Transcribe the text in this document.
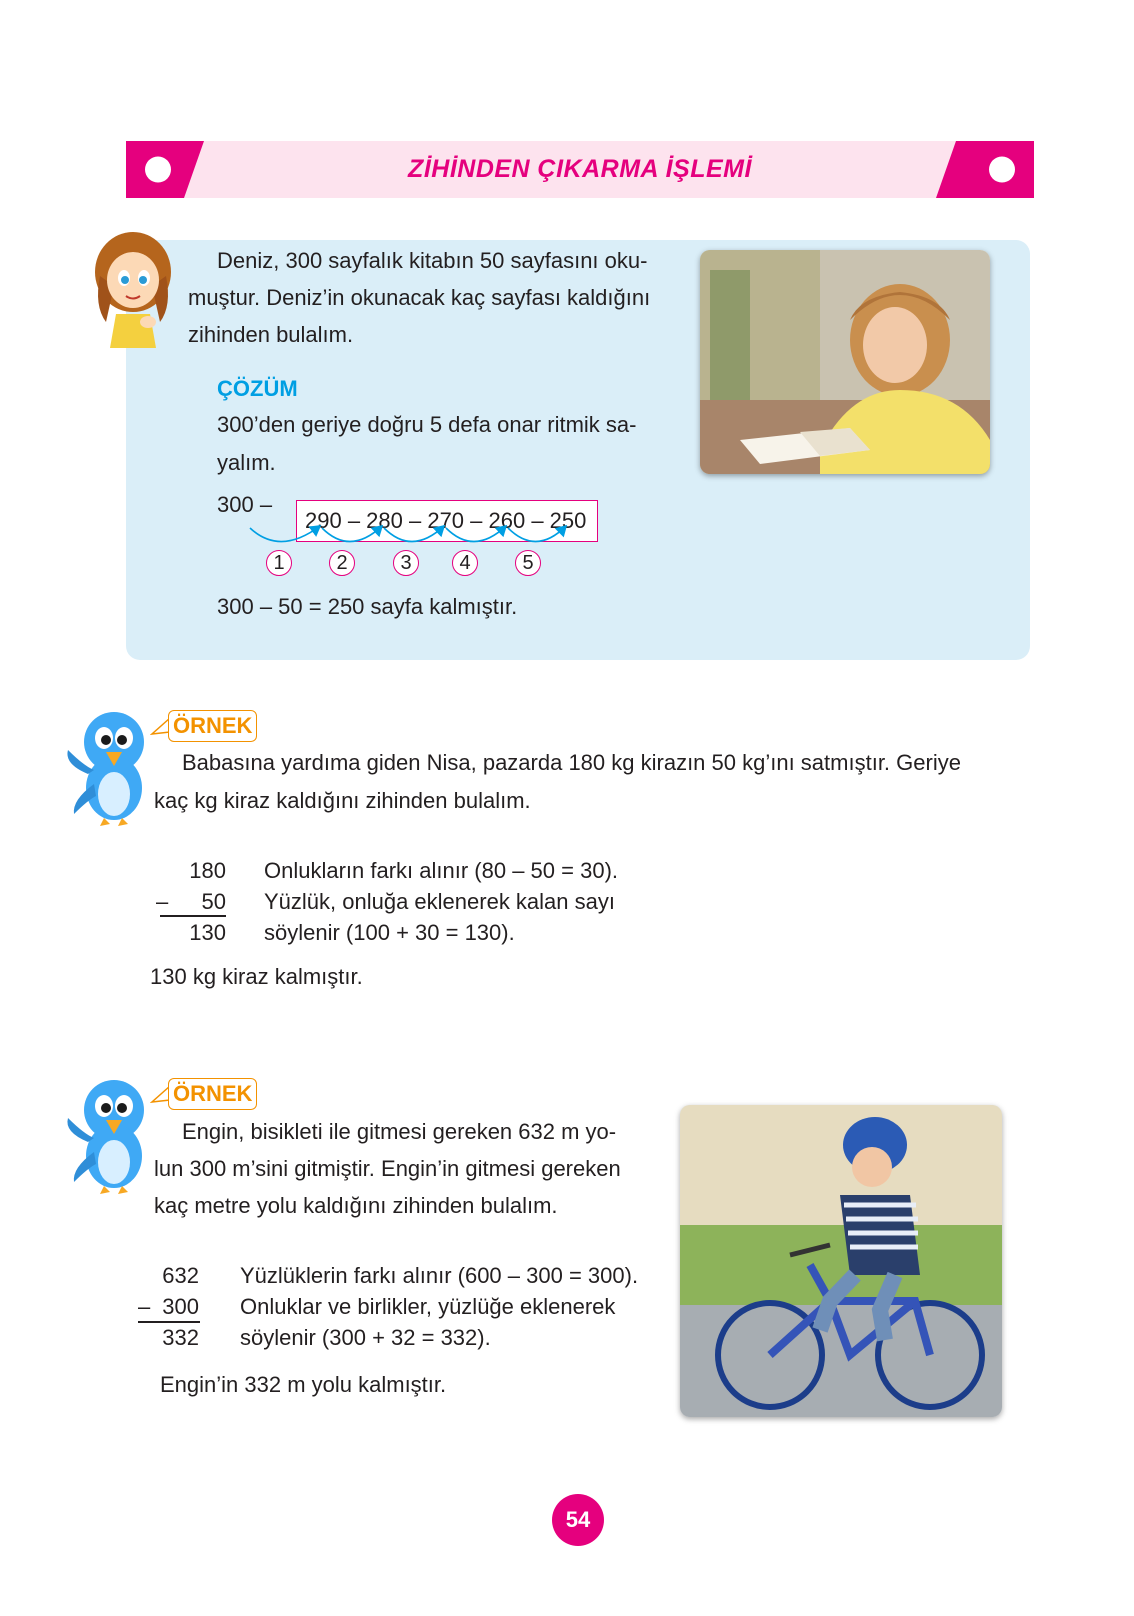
ZİHİNDEN ÇIKARMA İŞLEMİ
Deniz, 300 sayfalık kitabın 50 sayfasını oku-
muştur. Deniz’in okunacak kaç sayfası kaldığını
zihinden bulalım.
ÇÖZÜM
300’den geriye doğru 5 defa onar ritmik sa-
yalım.
300 –
290 – 280 – 270 – 260 – 250
1	2	3	4	5
300 – 50 = 250 sayfa kalmıştır.
ÖRNEK
Babasına yardıma giden Nisa, pazarda 180 kg kirazın 50 kg’ını satmıştır. Geriye
kaç kg kiraz kaldığını zihinden bulalım.
180
–	50
130
Onlukların farkı alınır (80 – 50 = 30).
Yüzlük, onluğa eklenerek kalan sayı
söylenir (100 + 30 = 130).
130 kg kiraz kalmıştır.
ÖRNEK
Engin, bisikleti ile gitmesi gereken 632 m yo-
lun 300 m’sini gitmiştir. Engin’in gitmesi gereken
kaç metre yolu kaldığını zihinden bulalım.
632
– 300
332
Yüzlüklerin farkı alınır (600 – 300 = 300).
Onluklar ve birlikler, yüzlüğe eklenerek
söylenir (300 + 32 = 332).
Engin’in 332 m yolu kalmıştır.
54
